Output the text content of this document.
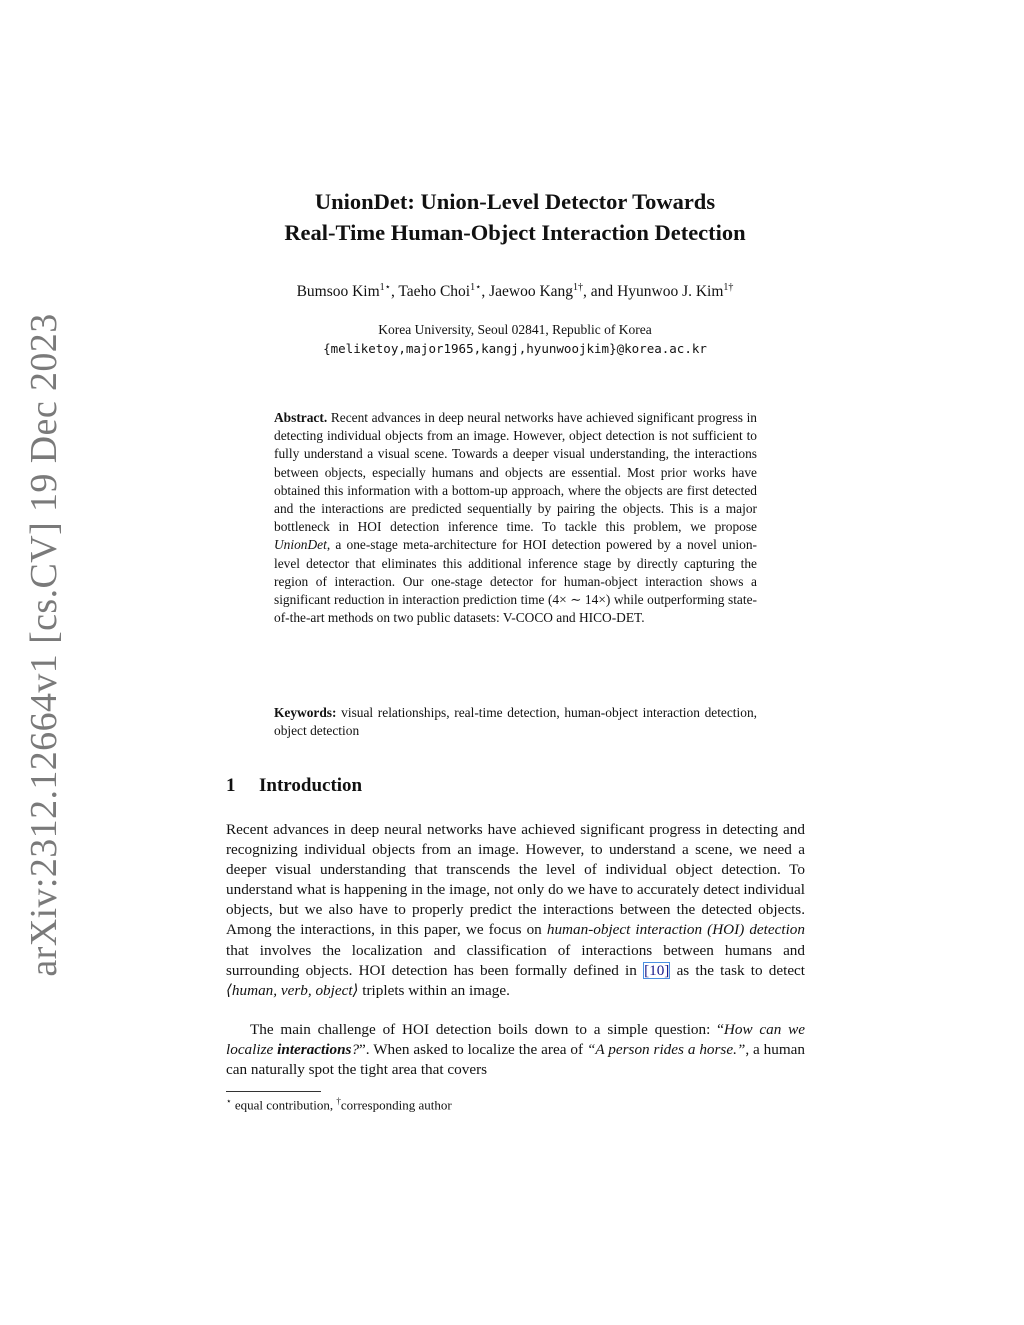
arXiv:2312.12664v1 [cs.CV] 19 Dec 2023
UnionDet: Union-Level Detector Towards
Real-Time Human-Object Interaction Detection
Bumsoo Kim$^{1⋆}$, Taeho Choi$^{1⋆}$, Jaewoo Kang$^{1\dagger}$, and Hyunwoo J. Kim$^{1\dagger}$
Korea University, Seoul 02841, Republic of Korea
{meliketoy,major1965,kangj,hyunwoojkim}@korea.ac.kr
Abstract. Recent advances in deep neural networks have achieved significant progress in detecting individual objects from an image. However, object detection is not sufficient to fully understand a visual scene. Towards a deeper visual understanding, the interactions between objects, especially humans and objects are essential. Most prior works have obtained this information with a bottom-up approach, where the objects are first detected and the interactions are predicted sequentially by pairing the objects. This is a major bottleneck in HOI detection inference time. To tackle this problem, we propose UnionDet, a one-stage meta-architecture for HOI detection powered by a novel union-level detector that eliminates this additional inference stage by directly capturing the region of interaction. Our one-stage detector for human-object interaction shows a significant reduction in interaction prediction time (4× ∼ 14×) while outperforming state-of-the-art methods on two public datasets: V-COCO and HICO-DET.
Keywords: visual relationships, real-time detection, human-object interaction detection, object detection
1 Introduction
Recent advances in deep neural networks have achieved significant progress in detecting and recognizing individual objects from an image. However, to understand a scene, we need a deeper visual understanding that transcends the level of individual object detection. To understand what is happening in the image, not only do we have to accurately detect individual objects, but we also have to properly predict the interactions between the detected objects. Among the interactions, in this paper, we focus on human-object interaction (HOI) detection that involves the localization and classification of interactions between humans and surrounding objects. HOI detection has been formally defined in [10] as the task to detect ⟨human, verb, object⟩ triplets within an image.
The main challenge of HOI detection boils down to a simple question: “How can we localize interactions?”. When asked to localize the area of “A person rides a horse.”, a human can naturally spot the tight area that covers
⋆ equal contribution, †corresponding author
